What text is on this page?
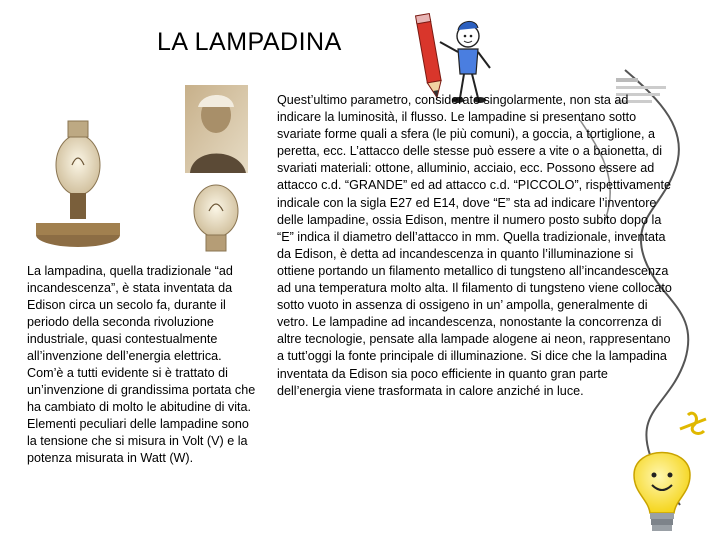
LA LAMPADINA
La lampadina, quella tradizionale “ad incandescenza”, è stata inventata da Edison circa un secolo fa, durante il periodo della seconda rivoluzione industriale, quasi contestualmente all’invenzione dell’energia elettrica. Com’è a tutti evidente si è trattato di un’invenzione di grandissima portata che ha cambiato di molto le abitudine di vita. Elementi peculiari delle lampadine sono la tensione che si misura in Volt (V) e la potenza misurata in Watt (W).
Quest’ultimo parametro, considerato singolarmente, non sta ad indicare la luminosità, il flusso. Le lampadine si presentano sotto svariate forme quali a sfera (le più comuni), a goccia, a tortiglione, a peretta, ecc. L’attacco delle stesse può essere a vite o a baionetta, di svariati materiali: ottone, alluminio, acciaio, ecc. Possono essere ad attacco c.d. “GRANDE” ed ad attacco c.d. “PICCOLO”, rispettivamente indicale con la sigla E27 ed E14, dove “E” sta ad indicare l’inventore delle lampadine, ossia Edison, mentre il numero posto subito dopo la “E” indica il diametro dell’attacco in mm. Quella tradizionale, inventata da Edison, è detta ad incandescenza in quanto l’illuminazione si ottiene portando un filamento metallico di tungsteno all’incandescenza ad una temperatura molto alta. Il filamento di tungsteno viene collocato sotto vuoto in assenza di ossigeno in un’ ampolla, generalmente di vetro. Le lampadine ad incandescenza, nonostante la concorrenza di altre tecnologie, pensate alla lampade alogene ai neon, rappresentano a tutt’oggi la fonte principale di illuminazione. Si dice che la lampadina inventata da Edison sia poco efficiente in quanto gran parte dell’energia viene trasformata in calore anziché in luce.
